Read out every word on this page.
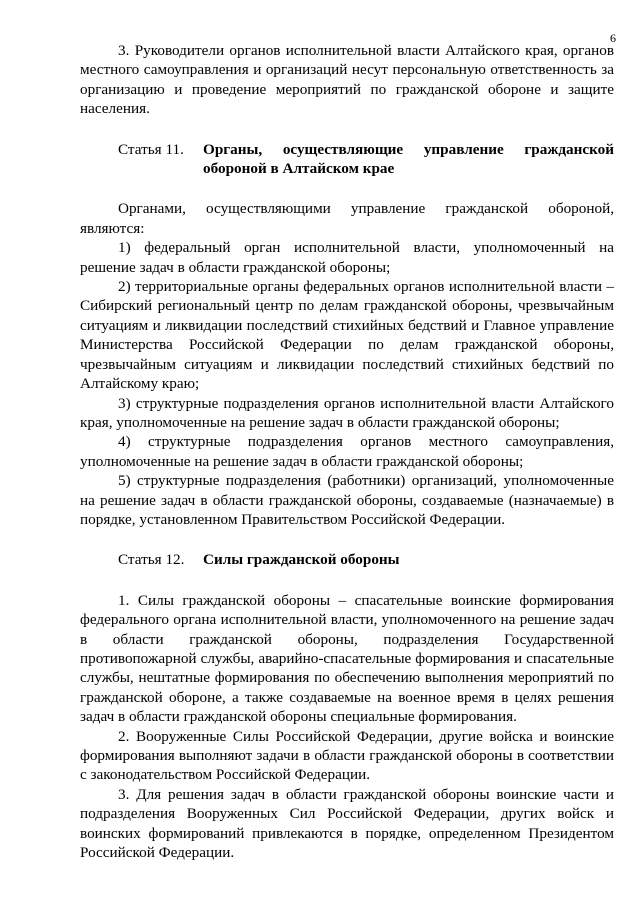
6

3. Руководители органов исполнительной власти Алтайского края, органов местного самоуправления и организаций несут персональную ответственность за организацию и проведение мероприятий по гражданской обороне и защите населения.

Статья 11.	Органы, осуществляющие управление гражданской обороной в Алтайском крае

Органами, осуществляющими управление гражданской обороной, являются:

1) федеральный орган исполнительной власти, уполномоченный на решение задач в области гражданской обороны;

2) территориальные органы федеральных органов исполнительной власти – Сибирский региональный центр по делам гражданской обороны, чрезвычайным ситуациям и ликвидации последствий стихийных бедствий и Главное управление Министерства Российской Федерации по делам гражданской обороны, чрезвычайным ситуациям и ликвидации последствий стихийных бедствий по Алтайскому краю;

3) структурные подразделения органов исполнительной власти Алтайского края, уполномоченные на решение задач в области гражданской обороны;

4) структурные подразделения органов местного самоуправления, уполномоченные на решение задач в области гражданской обороны;

5) структурные подразделения (работники) организаций, уполномоченные на решение задач в области гражданской обороны, создаваемые (назначаемые) в порядке, установленном Правительством Российской Федерации.

Статья 12.	Силы гражданской обороны

1. Силы гражданской обороны – спасательные воинские формирования федерального органа исполнительной власти, уполномоченного на решение задач в области гражданской обороны, подразделения Государственной противопожарной службы, аварийно-спасательные формирования и спасательные службы, нештатные формирования по обеспечению выполнения мероприятий по гражданской обороне, а также создаваемые на военное время в целях решения задач в области гражданской обороны специальные формирования.

2. Вооруженные Силы Российской Федерации, другие войска и воинские формирования выполняют задачи в области гражданской обороны в соответствии с законодательством Российской Федерации.

3. Для решения задач в области гражданской обороны воинские части и подразделения Вооруженных Сил Российской Федерации, других войск и воинских формирований привлекаются в порядке, определенном Президентом Российской Федерации.
